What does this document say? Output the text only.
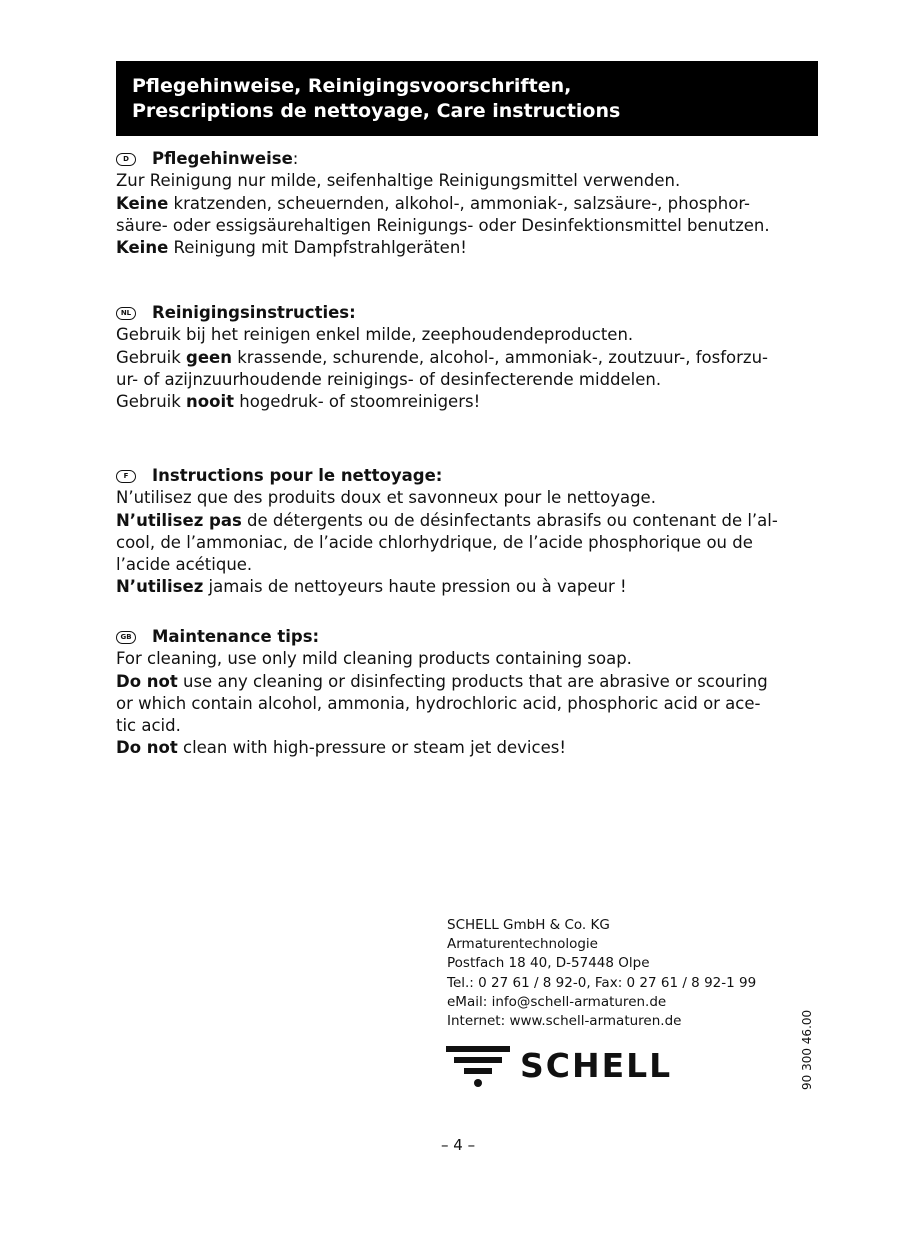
Pflegehinweise, Reinigingsvoorschriften,
Prescriptions de nettoyage, Care instructions
D	Pflegehinweise :
Zur Reinigung nur milde, seifenhaltige Reinigungsmittel verwenden.
Keine kratzenden, scheuernden, alkohol-, ammoniak-, salzsäure-, phosphor-
säure- oder essigsäurehaltigen Reinigungs- oder Desinfektionsmittel benutzen.
Keine Reinigung mit Dampfstrahlgeräten!
NL Reinigingsinstructies:
Gebruik bij het reinigen enkel milde, zeephoudendeproducten.
Gebruik geen krassende, schurende, alcohol-, ammoniak-, zoutzuur-, fosforzu-
ur- of azijnzuurhoudende reinigings- of desinfecterende middelen.
Gebruik nooit hogedruk- of stoomreinigers!
F	Instructions pour le nettoyage:
N’utilisez que des produits doux et savonneux pour le nettoyage.
N’utilisez pas de détergents ou de désinfectants abrasifs ou contenant de l’al-
cool, de l’ammoniac, de l’acide chlorhydrique, de l’acide phosphorique ou de
l’acide acétique.
N’utilisez jamais de nettoyeurs haute pression ou à vapeur !
GB Maintenance tips:
For cleaning, use only mild cleaning products containing soap.
Do not use any cleaning or disinfecting products that are abrasive or scouring
or which contain alcohol, ammonia, hydrochloric acid, phosphoric acid or ace-
tic acid.
Do not clean with high-pressure or steam jet devices!
SCHELL GmbH & Co. KG
Armaturentechnologie
Postfach 18 40, D-57448 Olpe
Tel.: 0 27 61 / 8 92-0, Fax: 0 27 61 / 8 92-1 99
eMail: info@schell-armaturen.de
Internet: www.schell-armaturen.de
SCHELL	90 300 46.00
– 4 –
